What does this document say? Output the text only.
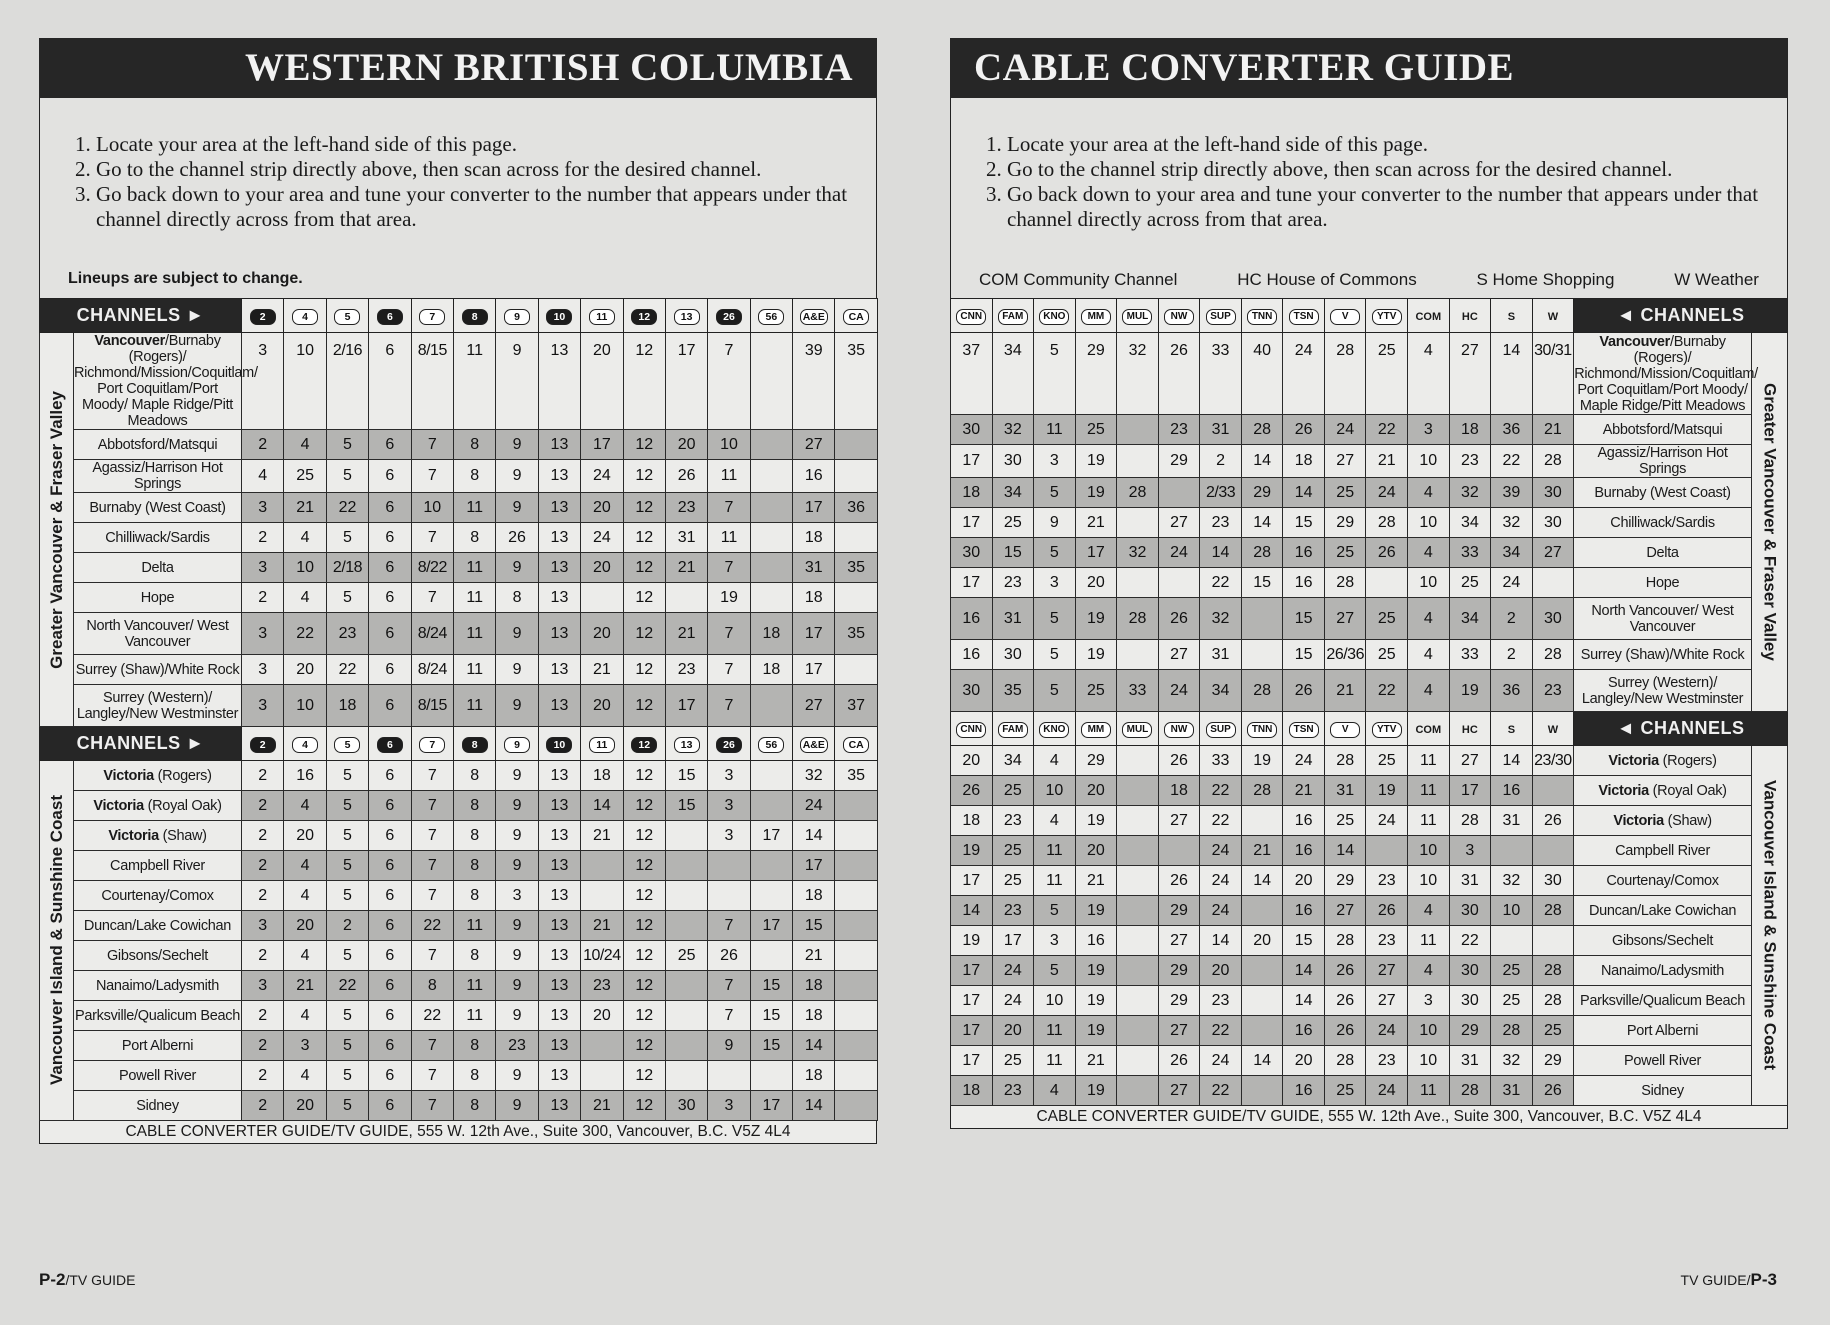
WESTERN BRITISH COLUMBIA
1. Locate your area at the left-hand side of this page.
2. Go to the channel strip directly above, then scan across for the desired channel.
3. Go back down to your area and tune your converter to the number that appears under that channel directly across from that area.
Lineups are subject to change.
CHANNELS ►		2	4	5	6	7	8	9	10	11	12	13	26	56	A&E	CA

Greater Vancouver & Fraser Valley	Vancouver/Burnaby (Rogers)/ Richmond/Mission/Coquitlam/ Port Coquitlam/Port Moody/ Maple Ridge/Pitt Meadows	3	10	2/16	6	8/15	11	9	13	20	12	17	7		39	35
	Abbotsford/Matsqui	2	4	5	6	7	8	9	13	17	12	20	10		27	
	Agassiz/Harrison Hot Springs	4	25	5	6	7	8	9	13	24	12	26	11		16	
	Burnaby (West Coast)	3	21	22	6	10	11	9	13	20	12	23	7		17	36
	Chilliwack/Sardis	2	4	5	6	7	8	26	13	24	12	31	11		18	
	Delta	3	10	2/18	6	8/22	11	9	13	20	12	21	7		31	35
	Hope	2	4	5	6	7	11	8	13		12		19		18	
	North Vancouver/ West Vancouver	3	22	23	6	8/24	11	9	13	20	12	21	7	18	17	35
	Surrey (Shaw)/White Rock	3	20	22	6	8/24	11	9	13	21	12	23	7	18	17	
	Surrey (Western)/ Langley/New Westminster	3	10	18	6	8/15	11	9	13	20	12	17	7		27	37
CHANNELS ►		2	4	5	6	7	8	9	10	11	12	13	26	56	A&E	CA

Vancouver Island & Sunshine Coast	Victoria (Rogers)	2	16	5	6	7	8	9	13	18	12	15	3		32	35
	Victoria (Royal Oak)	2	4	5	6	7	8	9	13	14	12	15	3		24	
	Victoria (Shaw)	2	20	5	6	7	8	9	13	21	12		3	17	14	
	Campbell River	2	4	5	6	7	8	9	13		12				17	
	Courtenay/Comox	2	4	5	6	7	8	3	13		12				18	
	Duncan/Lake Cowichan	3	20	2	6	22	11	9	13	21	12		7	17	15	
	Gibsons/Sechelt	2	4	5	6	7	8	9	13	10/24	12	25	26		21	
	Nanaimo/Ladysmith	3	21	22	6	8	11	9	13	23	12		7	15	18	
	Parksville/Qualicum Beach	2	4	5	6	22	11	9	13	20	12		7	15	18	
	Port Alberni	2	3	5	6	7	8	23	13		12		9	15	14	
	Powell River	2	4	5	6	7	8	9	13		12				18	
	Sidney	2	20	5	6	7	8	9	13	21	12	30	3	17	14	
CABLE CONVERTER GUIDE/TV GUIDE, 555 W. 12th Ave., Suite 300, Vancouver, B.C. V5Z 4L4
CABLE CONVERTER GUIDE
1. Locate your area at the left-hand side of this page.
2. Go to the channel strip directly above, then scan across for the desired channel.
3. Go back down to your area and tune your converter to the number that appears under that channel directly across from that area.
COM Community Channel	HC House of Commons	S Home Shopping	W Weather
CNN	FAM	KNO	MM	MUL	NW	SUP	TNN	TSN	V	YTV	COM	HC	S	W	◄ CHANNELS	
37	34	5	29	32	26	33	40	24	28	25	4	27	14	30/31	Vancouver/Burnaby (Rogers)/ Richmond/Mission/Coquitlam/ Port Coquitlam/Port Moody/ Maple Ridge/Pitt Meadows	Greater Vancouver & Fraser Valley

30	32	11	25		23	31	28	26	24	22	3	18	36	21	Abbotsford/Matsqui	
17	30	3	19		29	2	14	18	27	21	10	23	22	28	Agassiz/Harrison Hot Springs	
18	34	5	19	28		2/33	29	14	25	24	4	32	39	30	Burnaby (West Coast)	
17	25	9	21		27	23	14	15	29	28	10	34	32	30	Chilliwack/Sardis	
30	15	5	17	32	24	14	28	16	25	26	4	33	34	27	Delta	
17	23	3	20			22	15	16	28		10	25	24		Hope	
16	31	5	19	28	26	32		15	27	25	4	34	2	30	North Vancouver/ West Vancouver	
16	30	5	19		27	31		15	26/36	25	4	33	2	28	Surrey (Shaw)/White Rock	
30	35	5	25	33	24	34	28	26	21	22	4	19	36	23	Surrey (Western)/ Langley/New Westminster	
CNN	FAM	KNO	MM	MUL	NW	SUP	TNN	TSN	V	YTV	COM	HC	S	W	◄ CHANNELS	
20	34	4	29		26	33	19	24	28	25	11	27	14	23/30	Victoria (Rogers)	Vancouver Island & Sunshine Coast

26	25	10	20		18	22	28	21	31	19	11	17	16		Victoria (Royal Oak)	
18	23	4	19		27	22		16	25	24	11	28	31	26	Victoria (Shaw)	
19	25	11	20			24	21	16	14		10	3			Campbell River	
17	25	11	21		26	24	14	20	29	23	10	31	32	30	Courtenay/Comox	
14	23	5	19		29	24		16	27	26	4	30	10	28	Duncan/Lake Cowichan	
19	17	3	16		27	14	20	15	28	23	11	22			Gibsons/Sechelt	
17	24	5	19		29	20		14	26	27	4	30	25	28	Nanaimo/Ladysmith	
17	24	10	19		29	23		14	26	27	3	30	25	28	Parksville/Qualicum Beach	
17	20	11	19		27	22		16	26	24	10	29	28	25	Port Alberni	
17	25	11	21		26	24	14	20	28	23	10	31	32	29	Powell River	
18	23	4	19		27	22		16	25	24	11	28	31	26	Sidney	
CABLE CONVERTER GUIDE/TV GUIDE, 555 W. 12th Ave., Suite 300, Vancouver, B.C. V5Z 4L4
P-2/TV GUIDE	TV GUIDE/P-3
